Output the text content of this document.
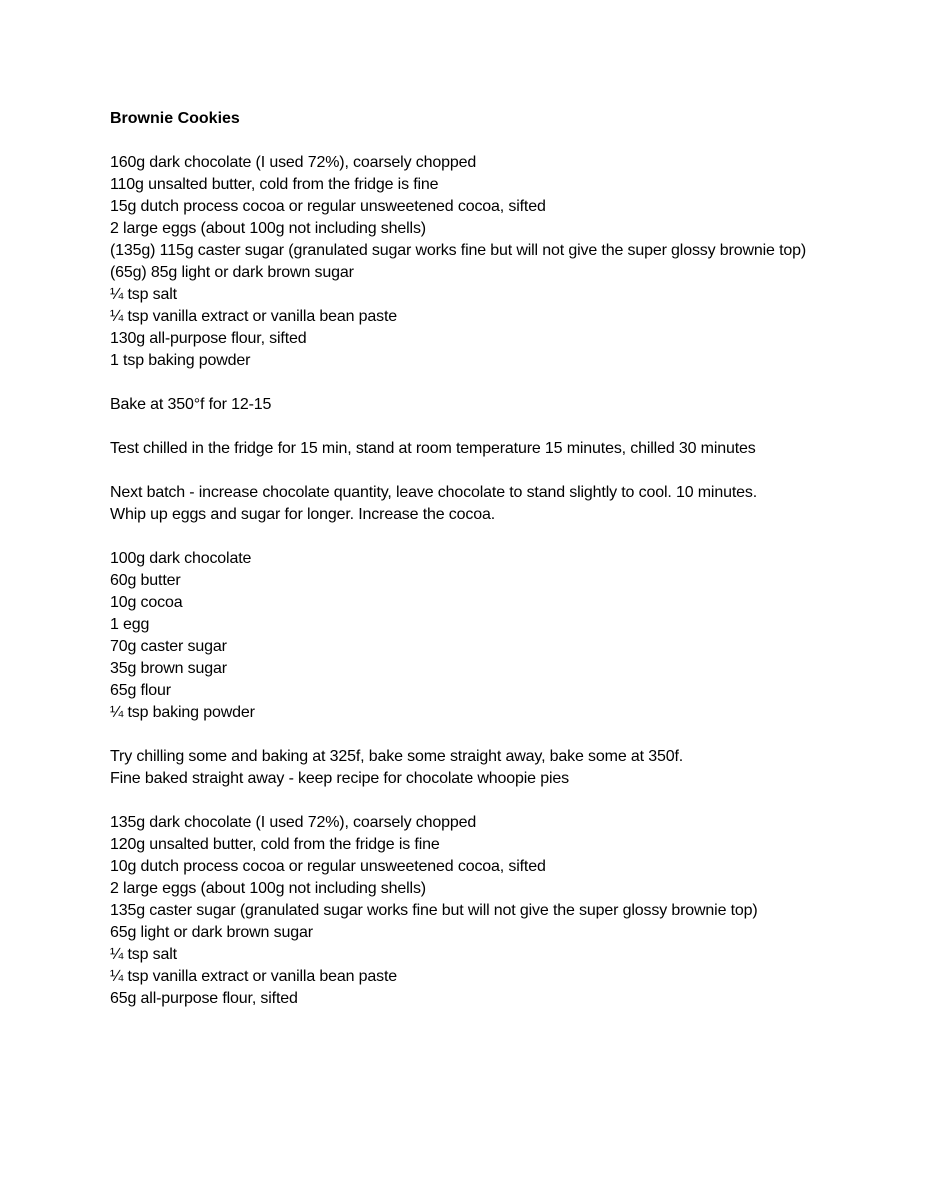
Brownie Cookies

160g dark chocolate (I used 72%), coarsely chopped

110g unsalted butter, cold from the fridge is fine

15g dutch process cocoa or regular unsweetened cocoa, sifted

2 large eggs (about 100g not including shells)

(135g) 115g caster sugar (granulated sugar works fine but will not give the super glossy brownie top)

(65g) 85g light or dark brown sugar

¼ tsp salt

¼ tsp vanilla extract or vanilla bean paste

130g all-purpose flour, sifted

1 tsp baking powder

Bake at 350°f for 12-15

Test chilled in the fridge for 15 min, stand at room temperature 15 minutes, chilled 30 minutes

Next batch - increase chocolate quantity, leave chocolate to stand slightly to cool. 10 minutes.

Whip up eggs and sugar for longer. Increase the cocoa.

100g dark chocolate

60g butter

10g cocoa

1 egg

70g caster sugar

35g brown sugar

65g flour

¼ tsp baking powder

Try chilling some and baking at 325f, bake some straight away, bake some at 350f.

Fine baked straight away - keep recipe for chocolate whoopie pies

135g dark chocolate (I used 72%), coarsely chopped

120g unsalted butter, cold from the fridge is fine

10g dutch process cocoa or regular unsweetened cocoa, sifted

2 large eggs (about 100g not including shells)

135g caster sugar (granulated sugar works fine but will not give the super glossy brownie top)

65g light or dark brown sugar

¼ tsp salt

¼ tsp vanilla extract or vanilla bean paste

65g all-purpose flour, sifted
